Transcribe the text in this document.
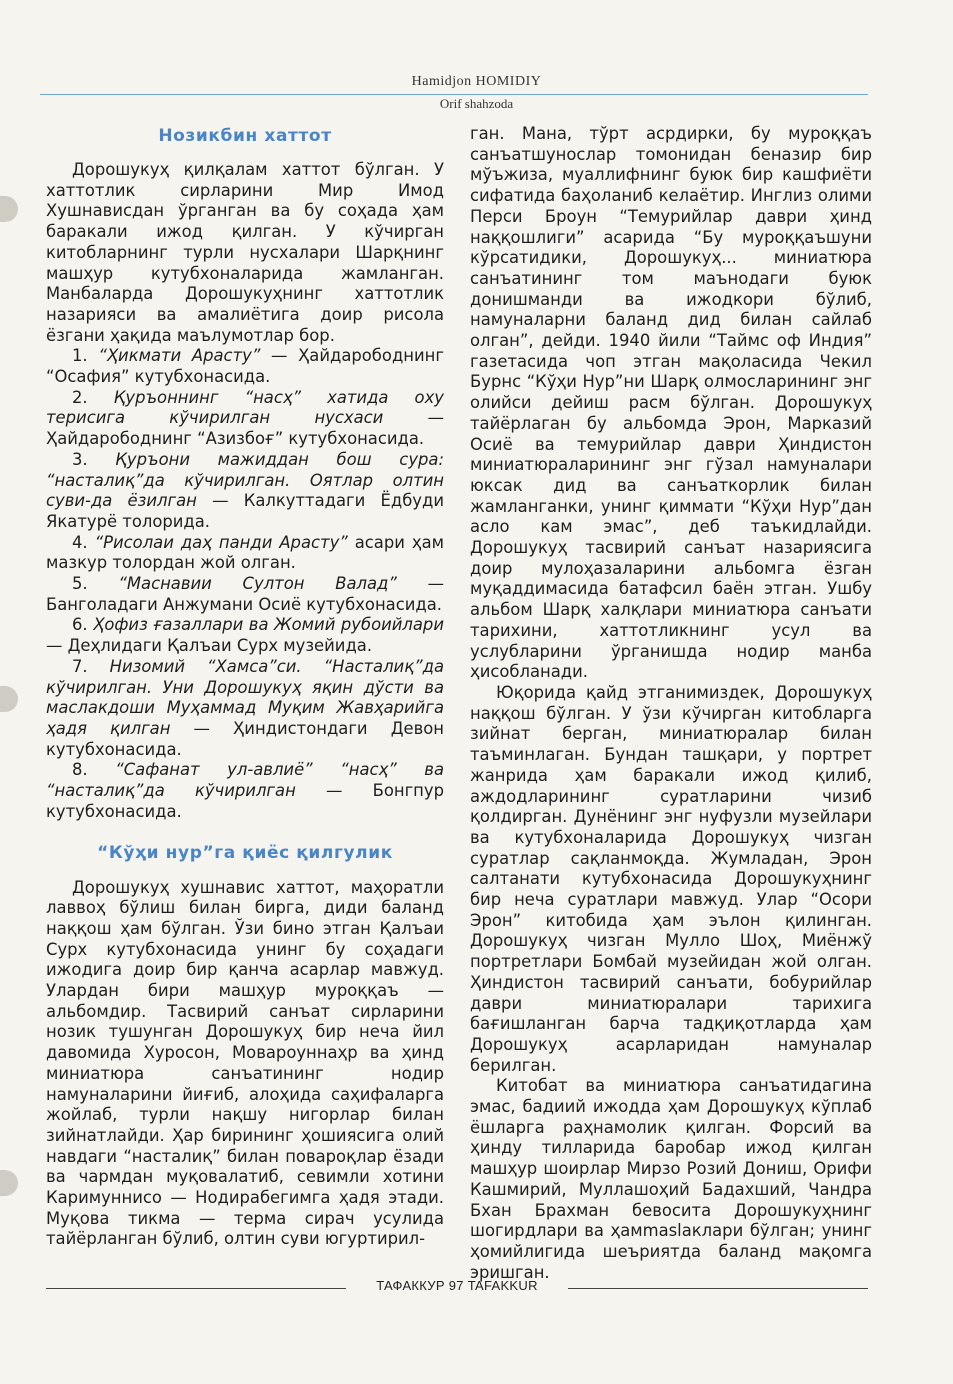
Hamidjon HOMIDIY
Orif shahzoda
Нозикбин хаттот

Дорошукуҳ қилқалам хаттот бўлган. У хаттотлик сирларини Мир Имод Хушнависдан ўрганган ва бу соҳада ҳам баракали ижод қилган. У кўчирган китобларнинг турли нусхалари Шарқнинг машҳур кутубхоналарида жамланган. Манбаларда Дорошукуҳнинг хаттотлик назарияси ва амалиётига доир рисола ёзгани ҳақида маълумотлар бор.

1. “Ҳикмати Арасту” — Ҳайдарободнинг “Осафия” кутубхонасида.

2. Қуръоннинг “насҳ” хатида оху терисига кўчирилган нусхаси — Ҳайдарободнинг “Азизбоғ” кутубхонасида.

3. Қуръони мажиддан бош сура: “насталиқ”да кўчирилган. Оятлар олтин суви-да ёзилган — Калкуттадаги Ёдбуди Якатурё толорида.

4. “Рисолаи даҳ панди Арасту” асари ҳам мазкур толордан жой олган.

5. “Маснавии Султон Валад” — Банголадаги Анжумани Осиё кутубхонасида.

6. Ҳофиз ғазаллари ва Жомий рубоийлари — Деҳлидаги Қалъаи Сурх музейида.

7. Низомий “Хамса”си. “Насталиқ”да кўчирилган. Уни Дорошукуҳ яқин дўсти ва маслакдоши Муҳаммад Муқим Жавҳарийга ҳадя қилган — Ҳиндистондаги Девон кутубхонасида.

8. “Сафанат ул-авлиё” “насҳ” ва “насталиқ”да кўчирилган — Бонгпур кутубхонасида.

“Кўҳи нур”га қиёс қилгулик

Дорошукуҳ хушнавис хаттот, маҳоратли лаввоҳ бўлиш билан бирга, диди баланд наққош ҳам бўлган. Ўзи бино этган Қалъаи Сурх кутубхонасида унинг бу соҳадаги ижодига доир бир қанча асарлар мавжуд. Улардан бири машҳур муроққаъ — альбомдир. Тасвирий санъат сирларини нозик тушунган Дорошукуҳ бир неча йил давомида Хуросон, Мовароуннаҳр ва ҳинд миниатюра санъатининг нодир намуналарини йиғиб, алоҳида саҳифаларга жойлаб, турли нақшу нигорлар билан зийнатлайди. Ҳар бирининг ҳошиясига олий навдаги “насталиқ” билан повароқлар ёзади ва чармдан муқовалатиб, севимли хотини Каримуннисо — Нодирабегимга ҳадя этади. Муқова тикма — терма сирач усулида тайёрланган бўлиб, олтин суви югуртирил-

ган. Мана, тўрт асрдирки, бу муроққаъ санъатшунослар томонидан беназир бир мўъжиза, муаллифнинг буюк бир кашфиёти сифатида баҳоланиб келаётир. Инглиз олими Перси Броун “Темурийлар даври ҳинд наққошлиги” асарида “Бу муроққаъшуни кўрсатидики, Дорошукуҳ... миниатюра санъатининг том маънодаги буюк донишманди ва ижодкори бўлиб, намуналарни баланд дид билан сайлаб олган”, дейди. 1940 йили “Таймс оф Индия” газетасида чоп этган мақоласида Чекил Бурнс “Кўҳи Нур”ни Шарқ олмосларининг энг олийси дейиш расм бўлган. Дорошукуҳ тайёрлаган бу альбомда Эрон, Марказий Осиё ва темурийлар даври Ҳиндистон миниатюраларининг энг гўзал намуналари юксак дид ва санъаткорлик билан жамланганки, унинг қиммати “Кўҳи Нур”дан асло кам эмас”, деб таъкидлайди. Дорошукуҳ тасвирий санъат назариясига доир мулоҳазаларини альбомга ёзган муқаддимасида батафсил баён этган. Ушбу альбом Шарқ халқлари миниатюра санъати тарихини, хаттотликнинг усул ва услубларини ўрганишда нодир манба ҳисобланади.

Юқорида қайд этганимиздек, Дорошукуҳ наққош бўлган. У ўзи кўчирган китобларга зийнат берган, миниатюралар билан таъминлаган. Бундан ташқари, у портрет жанрида ҳам баракали ижод қилиб, аждодларининг суратларини чизиб қолдирган. Дунёнинг энг нуфузли музейлари ва кутубхоналарида Дорошукуҳ чизган суратлар сақланмоқда. Жумладан, Эрон салтанати кутубхонасида Дорошукуҳнинг бир неча суратлари мавжуд. Улар “Осори Эрон” китобида ҳам эълон қилинган. Дорошукуҳ чизган Мулло Шоҳ, Миёнжў портретлари Бомбай музейидан жой олган. Ҳиндистон тасвирий санъати, бобурийлар даври миниатюралари тарихига бағишланган барча тадқиқотларда ҳам Дорошукуҳ асарларидан намуналар берилган.

Китобат ва миниатюра санъатидагина эмас, бадиий ижодда ҳам Дорошукуҳ кўплаб ёшларга раҳнамолик қилган. Форсий ва ҳинду тилларида баробар ижод қилган машҳур шоирлар Мирзо Розий Дониш, Орифи Кашмирий, Муллашоҳий Бадахший, Чандра Бхан Брахман бевосита Дорошукуҳнинг шогирдлари ва ҳамmaslaклари бўлган; унинг ҳомийлигида шеъриятда баланд мақомга эришган.

ТАФАККУР 97 TAFAKKUR
